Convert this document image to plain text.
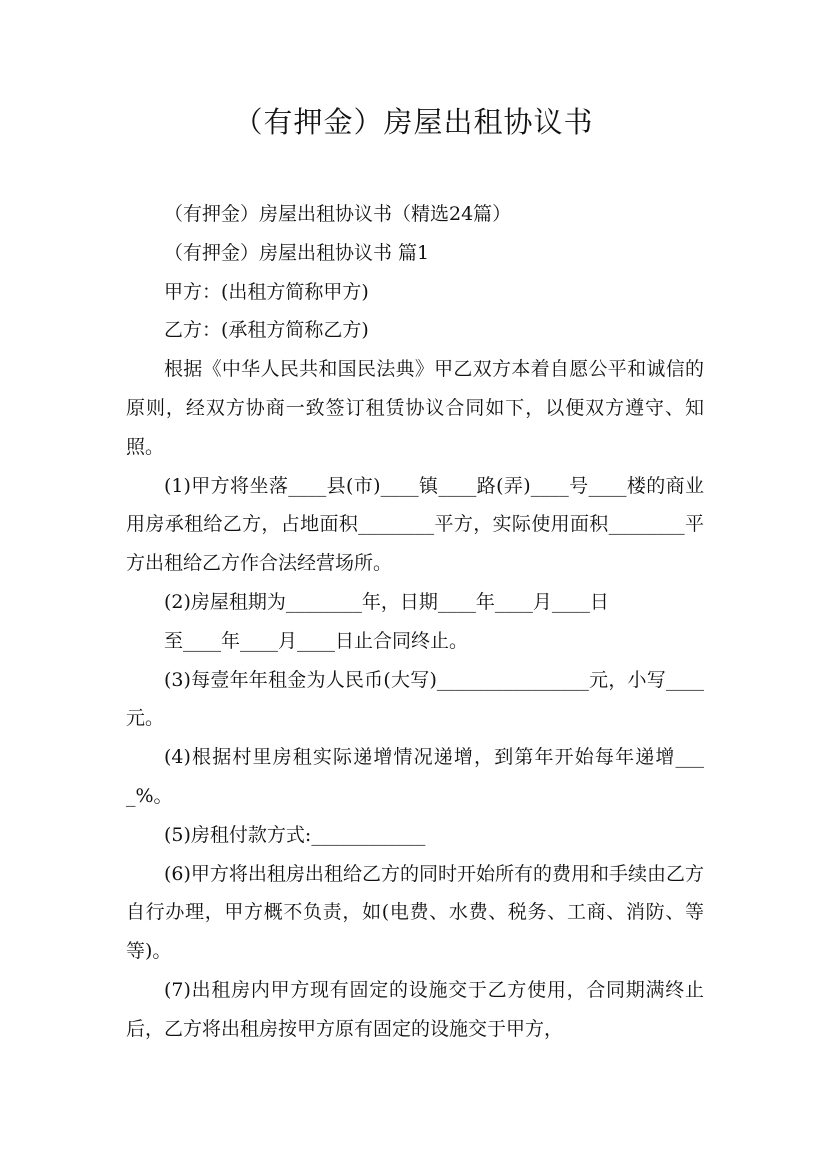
（有押金）房屋出租协议书

（有押金）房屋出租协议书（精选24篇）

（有押金）房屋出租协议书 篇1

甲方：(出租方简称甲方)

乙方：(承租方简称乙方)

根据《中华人民共和国民法典》甲乙双方本着自愿公平和诚信的原则，经双方协商一致签订租赁协议合同如下，以便双方遵守、知照。

(1)甲方将坐落____县(市)____镇____路(弄)____号____楼的商业用房承租给乙方，占地面积________平方，实际使用面积________平方出租给乙方作合法经营场所。

(2)房屋租期为________年，日期____年____月____日

至____年____月____日止合同终止。

(3)每壹年年租金为人民币(大写)________________元，小写____元。

(4)根据村里房租实际递增情况递增，到第年开始每年递增____%。

(5)房租付款方式:____________

(6)甲方将出租房出租给乙方的同时开始所有的费用和手续由乙方自行办理，甲方概不负责，如(电费、水费、税务、工商、消防、等等)。

(7)出租房内甲方现有固定的设施交于乙方使用，合同期满终止后，乙方将出租房按甲方原有固定的设施交于甲方，
